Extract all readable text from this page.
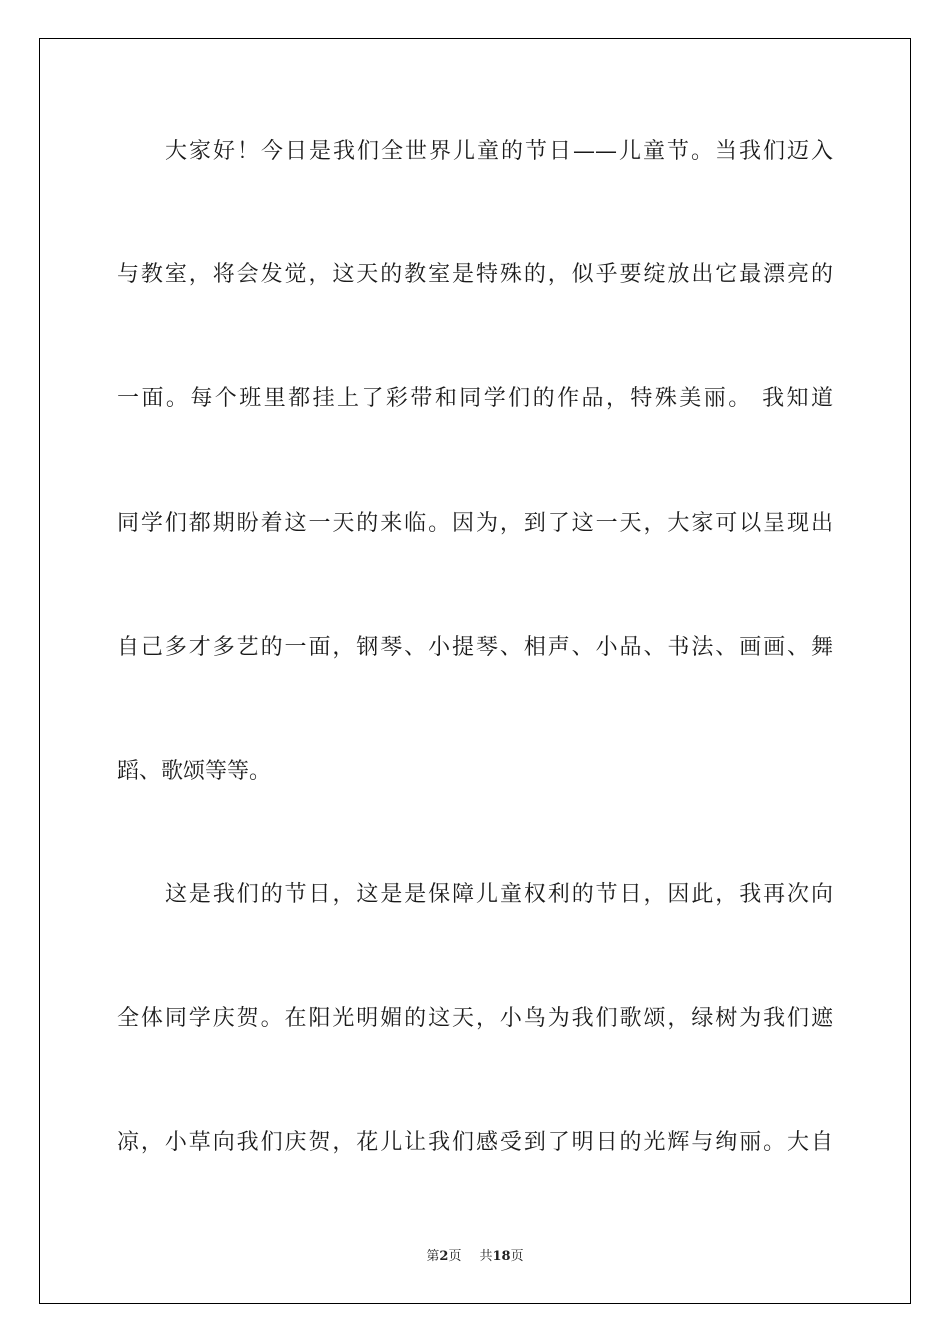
大家好！今日是我们全世界儿童的节日——儿童节。当我们迈入

与教室，将会发觉，这天的教室是特殊的，似乎要绽放出它最漂亮的

一面。每个班里都挂上了彩带和同学们的作品，特殊美丽。 我知道

同学们都期盼着这一天的来临。因为，到了这一天，大家可以呈现出

自己多才多艺的一面，钢琴、小提琴、相声、小品、书法、画画、舞

蹈、歌颂等等。

这是我们的节日，这是是保障儿童权利的节日，因此，我再次向

全体同学庆贺。在阳光明媚的这天，小鸟为我们歌颂，绿树为我们遮

凉，小草向我们庆贺，花儿让我们感受到了明日的光辉与绚丽。大自

第2页 共18页
